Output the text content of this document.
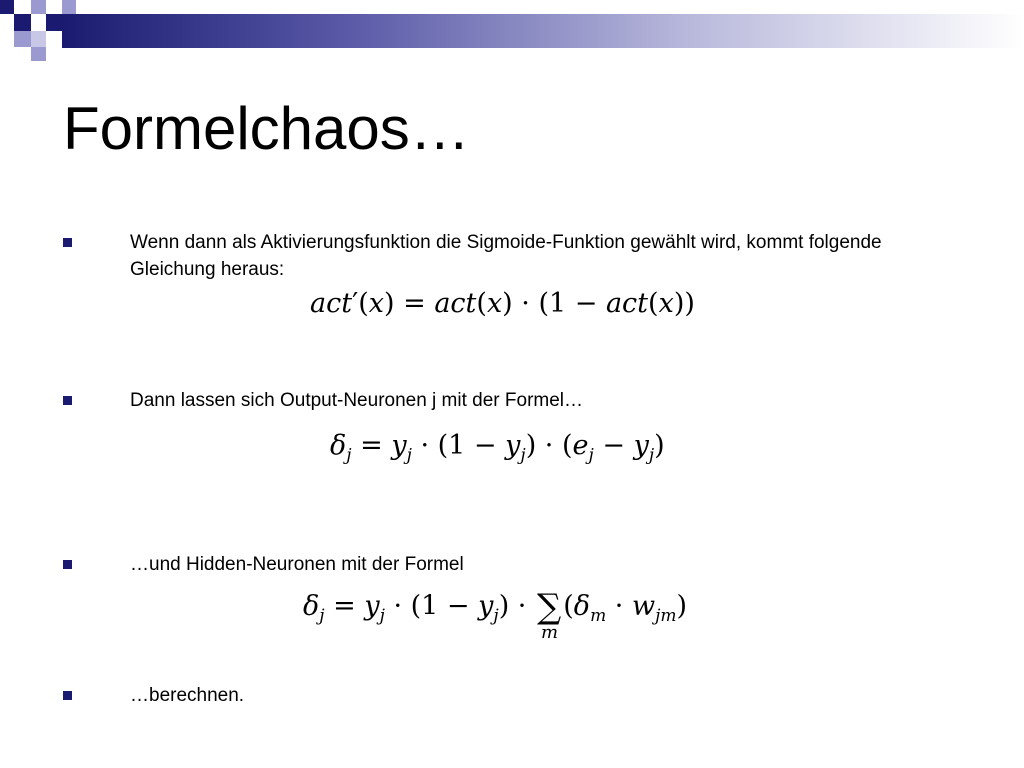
Formelchaos…
Wenn dann als Aktivierungsfunktion die Sigmoide-Funktion gewählt wird, kommt folgende Gleichung heraus:
act′(x) = act(x) · (1 − act(x))
Dann lassen sich Output-Neuronen j mit der Formel…
$\delta_j = y_j \cdot (1 - y_j) \cdot (e_j - y_j)$
…und Hidden-Neuronen mit der Formel
$\delta_j = y_j \cdot (1 - y_j)$ · ∑
m
$(\delta_m \cdot w_{jm})$
…berechnen.
